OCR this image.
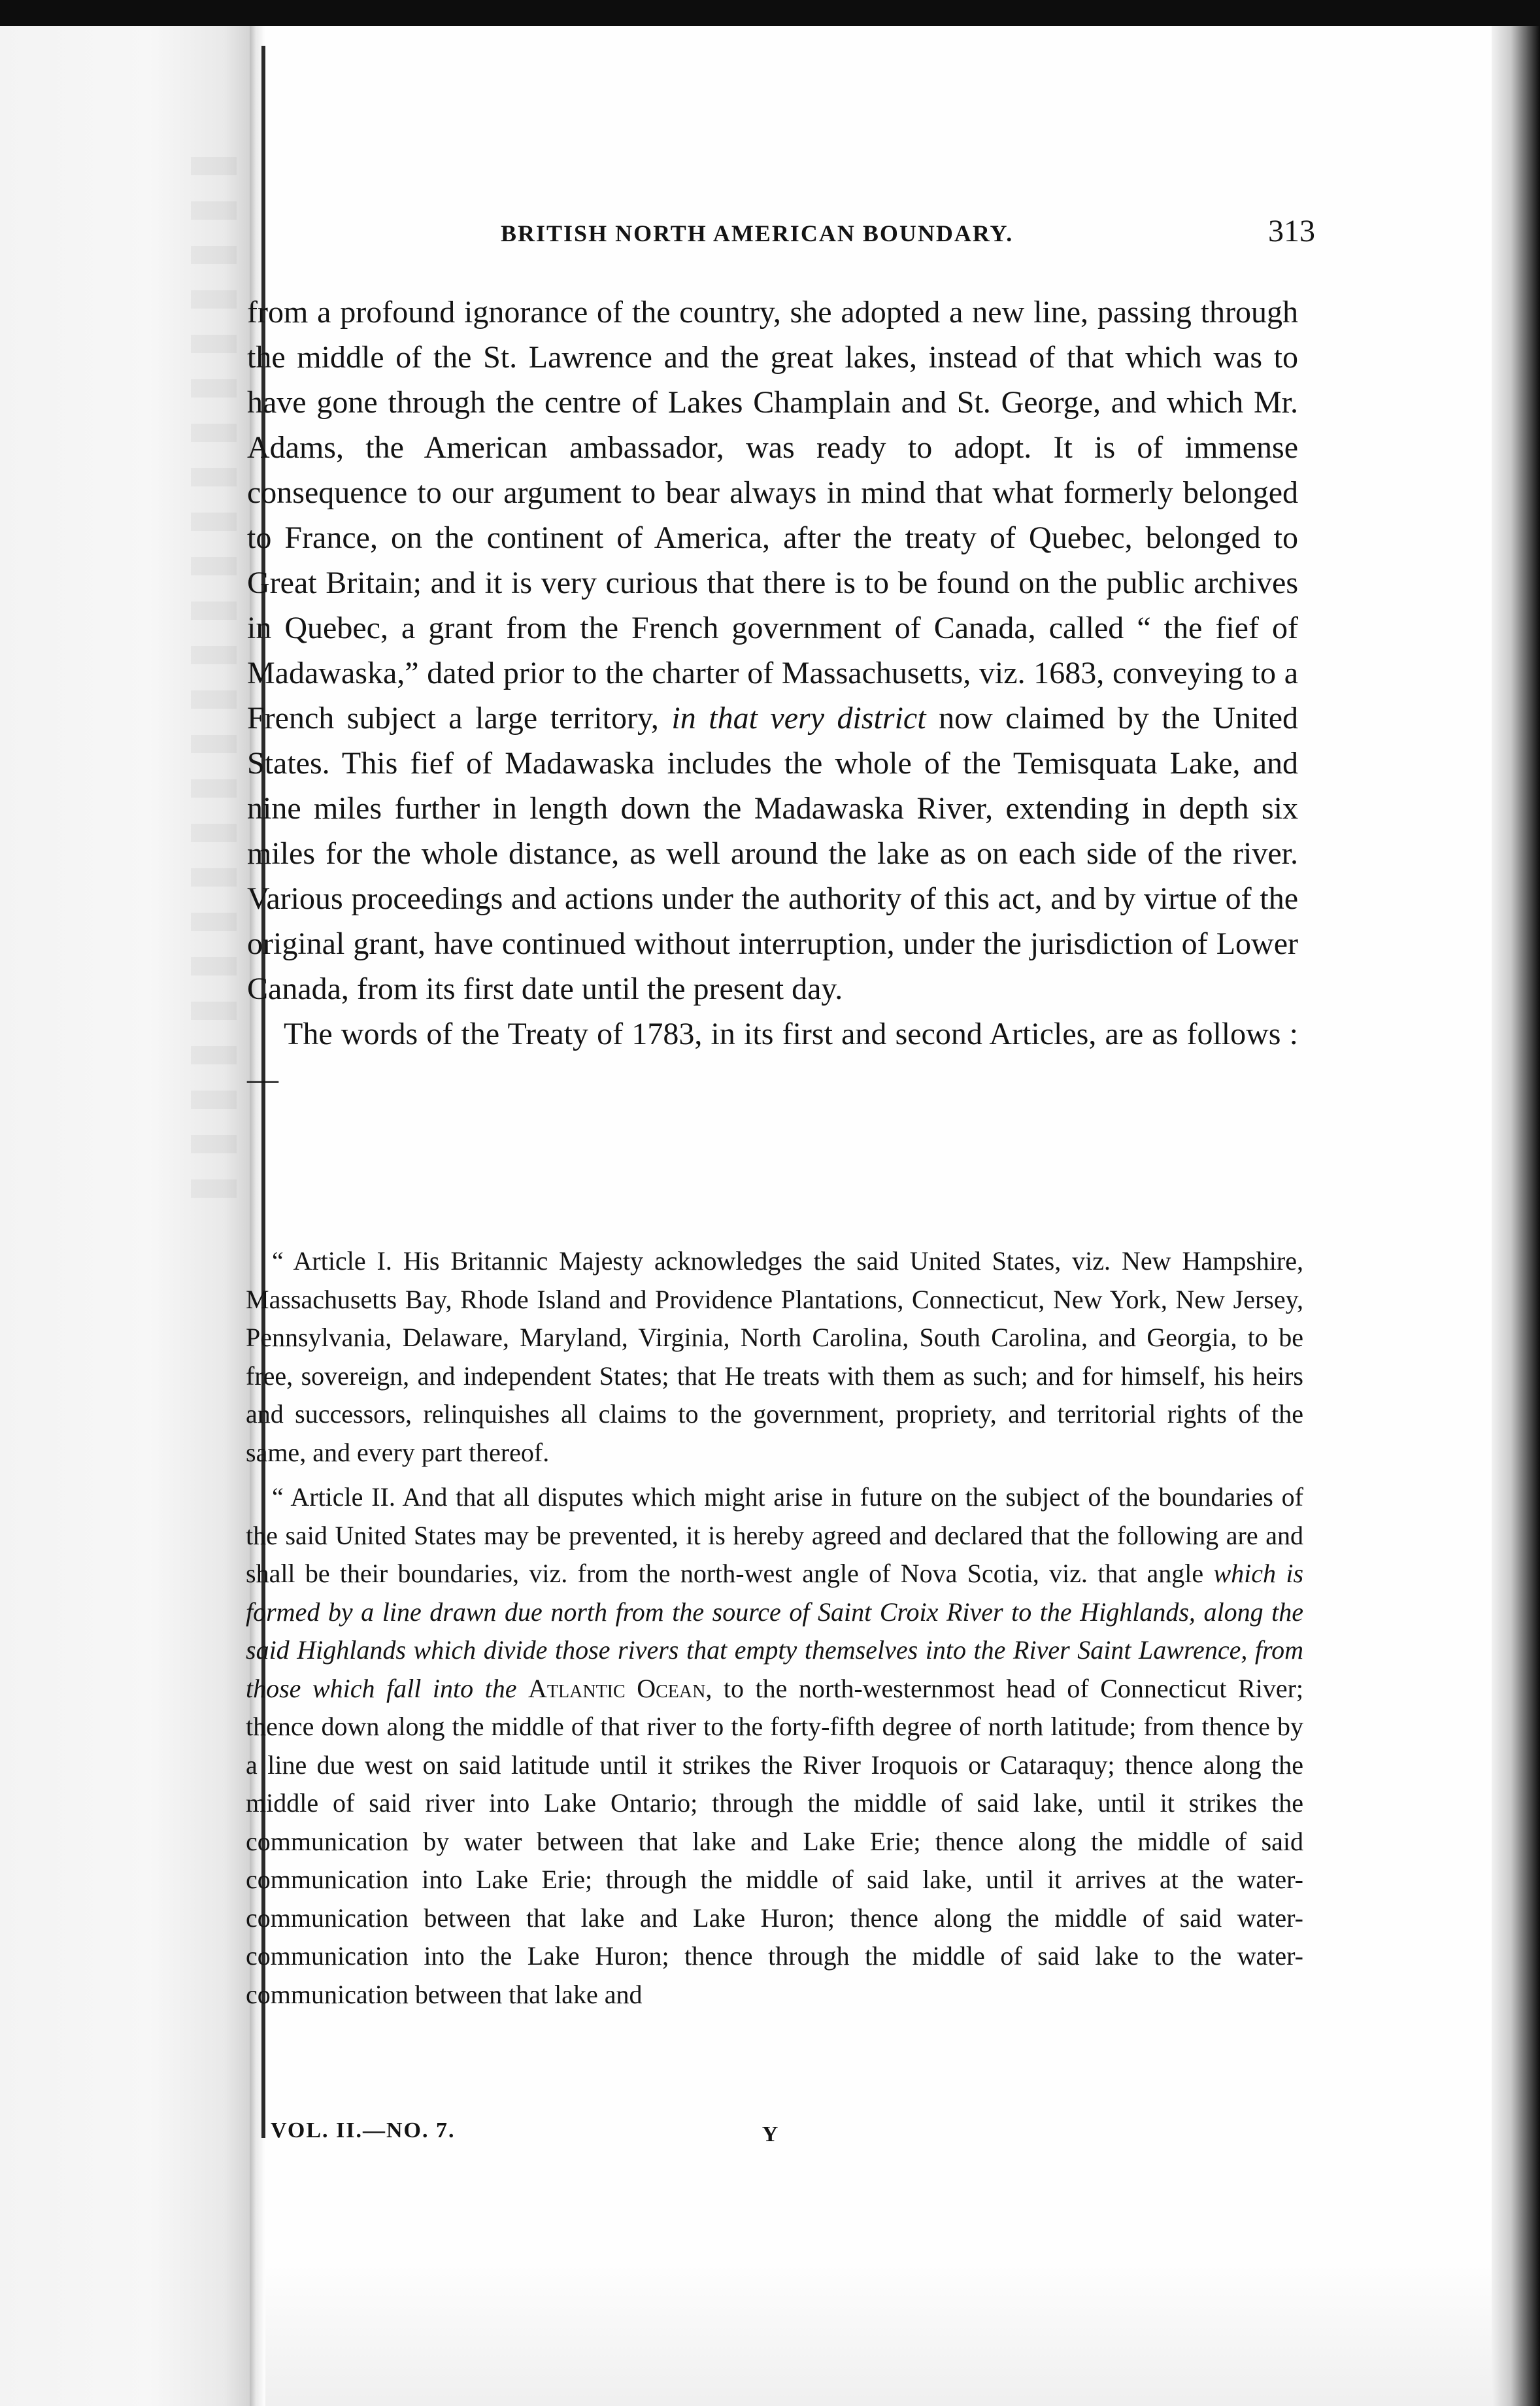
BRITISH NORTH AMERICAN BOUNDARY.	313

from a profound ignorance of the country, she adopted a new line, passing through the middle of the St. Lawrence and the great lakes, instead of that which was to have gone through the centre of Lakes Champlain and St. George, and which Mr. Adams, the American ambassador, was ready to adopt. It is of immense consequence to our argument to bear always in mind that what formerly belonged to France, on the continent of America, after the treaty of Quebec, belonged to Great Britain; and it is very curious that there is to be found on the public archives in Quebec, a grant from the French government of Canada, called “ the fief of Madawaska,” dated prior to the charter of Massachusetts, viz. 1683, conveying to a French subject a large territory, in that very district now claimed by the United States. This fief of Madawaska includes the whole of the Temisquata Lake, and nine miles further in length down the Madawaska River, extending in depth six miles for the whole distance, as well around the lake as on each side of the river. Various proceedings and actions under the authority of this act, and by virtue of the original grant, have continued without interruption, under the jurisdiction of Lower Canada, from its first date until the present day.

The words of the Treaty of 1783, in its first and second Articles, are as follows :—

“ Article I. His Britannic Majesty acknowledges the said United States, viz. New Hampshire, Massachusetts Bay, Rhode Island and Providence Plantations, Connecticut, New York, New Jersey, Pennsylvania, Delaware, Maryland, Virginia, North Carolina, South Carolina, and Georgia, to be free, sovereign, and independent States; that He treats with them as such; and for himself, his heirs and successors, relinquishes all claims to the government, propriety, and territorial rights of the same, and every part thereof.

“ Article II. And that all disputes which might arise in future on the subject of the boundaries of the said United States may be prevented, it is hereby agreed and declared that the following are and shall be their boundaries, viz. from the north-west angle of Nova Scotia, viz. that angle which is formed by a line drawn due north from the source of Saint Croix River to the Highlands, along the said Highlands which divide those rivers that empty themselves into the River Saint Lawrence, from those which fall into the Atlantic Ocean, to the north-westernmost head of Connecticut River; thence down along the middle of that river to the forty-fifth degree of north latitude; from thence by a line due west on said latitude until it strikes the River Iroquois or Cataraquy; thence along the middle of said river into Lake Ontario; through the middle of said lake, until it strikes the communication by water between that lake and Lake Erie; thence along the middle of said communication into Lake Erie; through the middle of said lake, until it arrives at the water-communication between that lake and Lake Huron; thence along the middle of said water-communication into the Lake Huron; thence through the middle of said lake to the water-communication between that lake and

VOL. II.—NO. 7.	Y
